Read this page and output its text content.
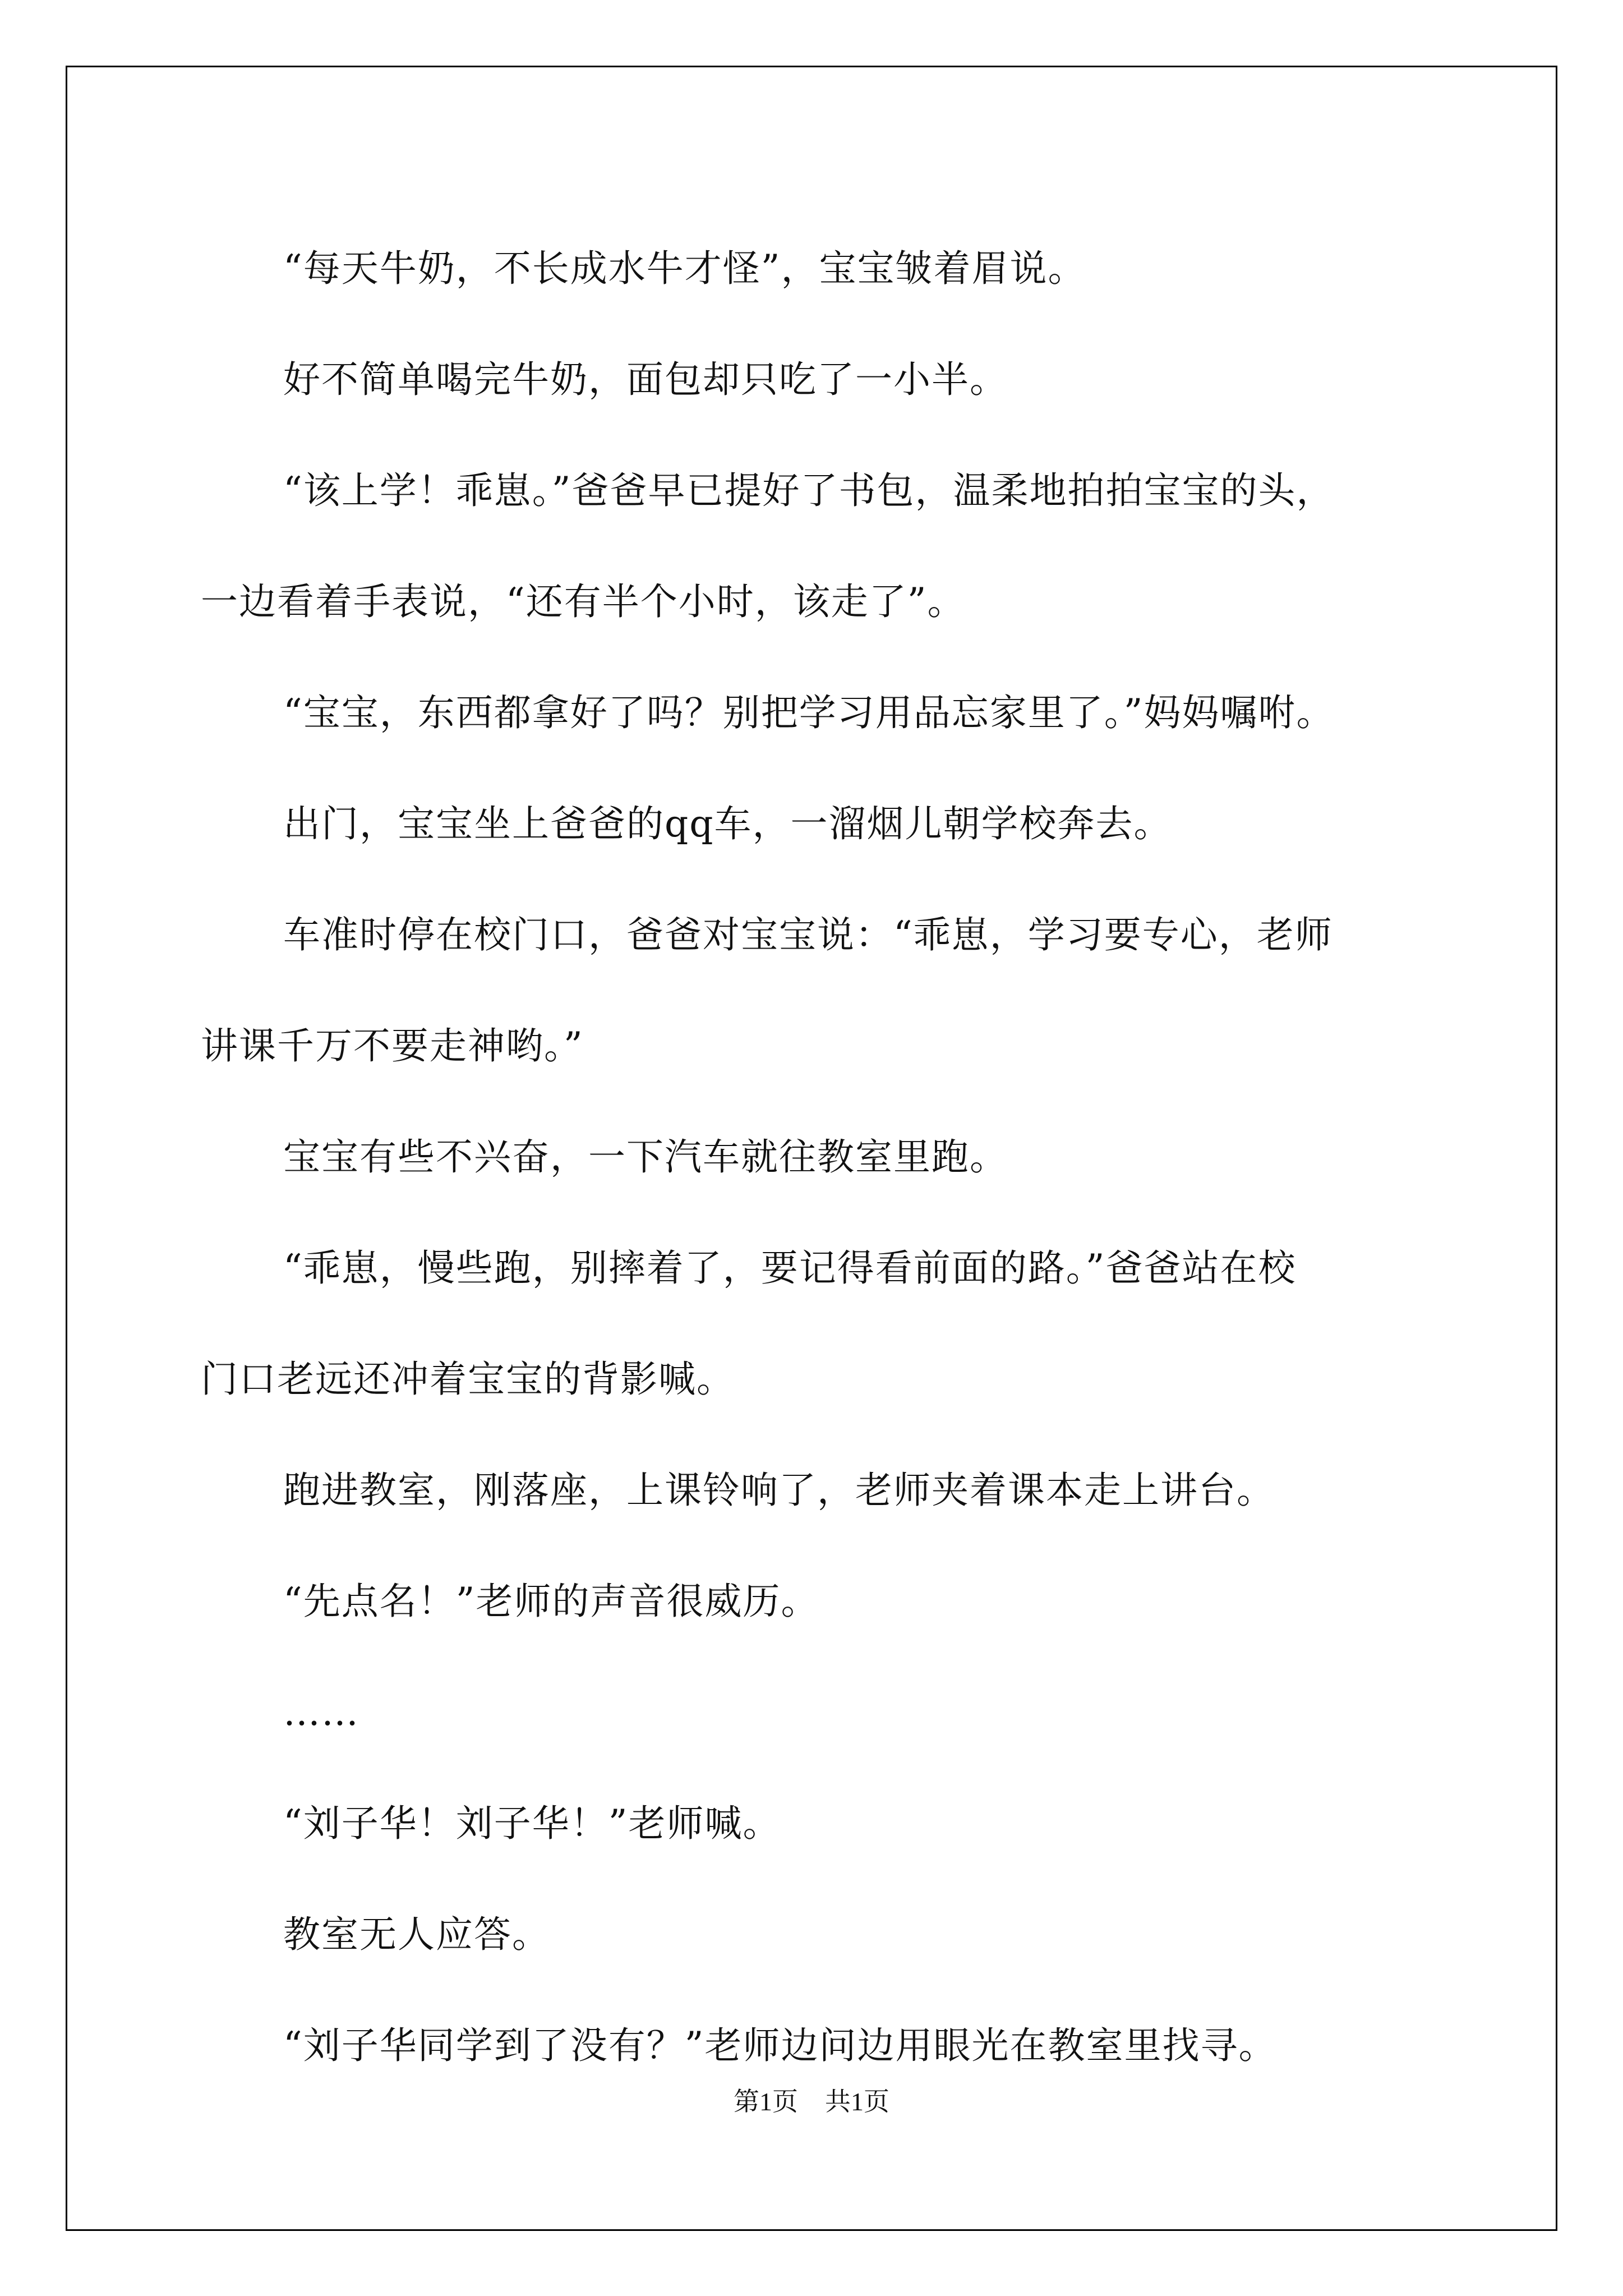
“每天牛奶，不长成水牛才怪”，宝宝皱着眉说。

好不简单喝完牛奶，面包却只吃了一小半。

“该上学！乖崽。”爸爸早已提好了书包，温柔地拍拍宝宝的头，

一边看着手表说，“还有半个小时，该走了”。

“宝宝，东西都拿好了吗？别把学习用品忘家里了。”妈妈嘱咐。

出门，宝宝坐上爸爸的qq车，一溜烟儿朝学校奔去。

车准时停在校门口，爸爸对宝宝说：“乖崽，学习要专心，老师

讲课千万不要走神哟。”

宝宝有些不兴奋，一下汽车就往教室里跑。

“乖崽，慢些跑，别摔着了，要记得看前面的路。”爸爸站在校

门口老远还冲着宝宝的背影喊。

跑进教室，刚落座，上课铃响了，老师夹着课本走上讲台。

“先点名！”老师的声音很威历。

……

“刘子华！刘子华！”老师喊。

教室无人应答。

“刘子华同学到了没有？”老师边问边用眼光在教室里找寻。

第1页 共1页
